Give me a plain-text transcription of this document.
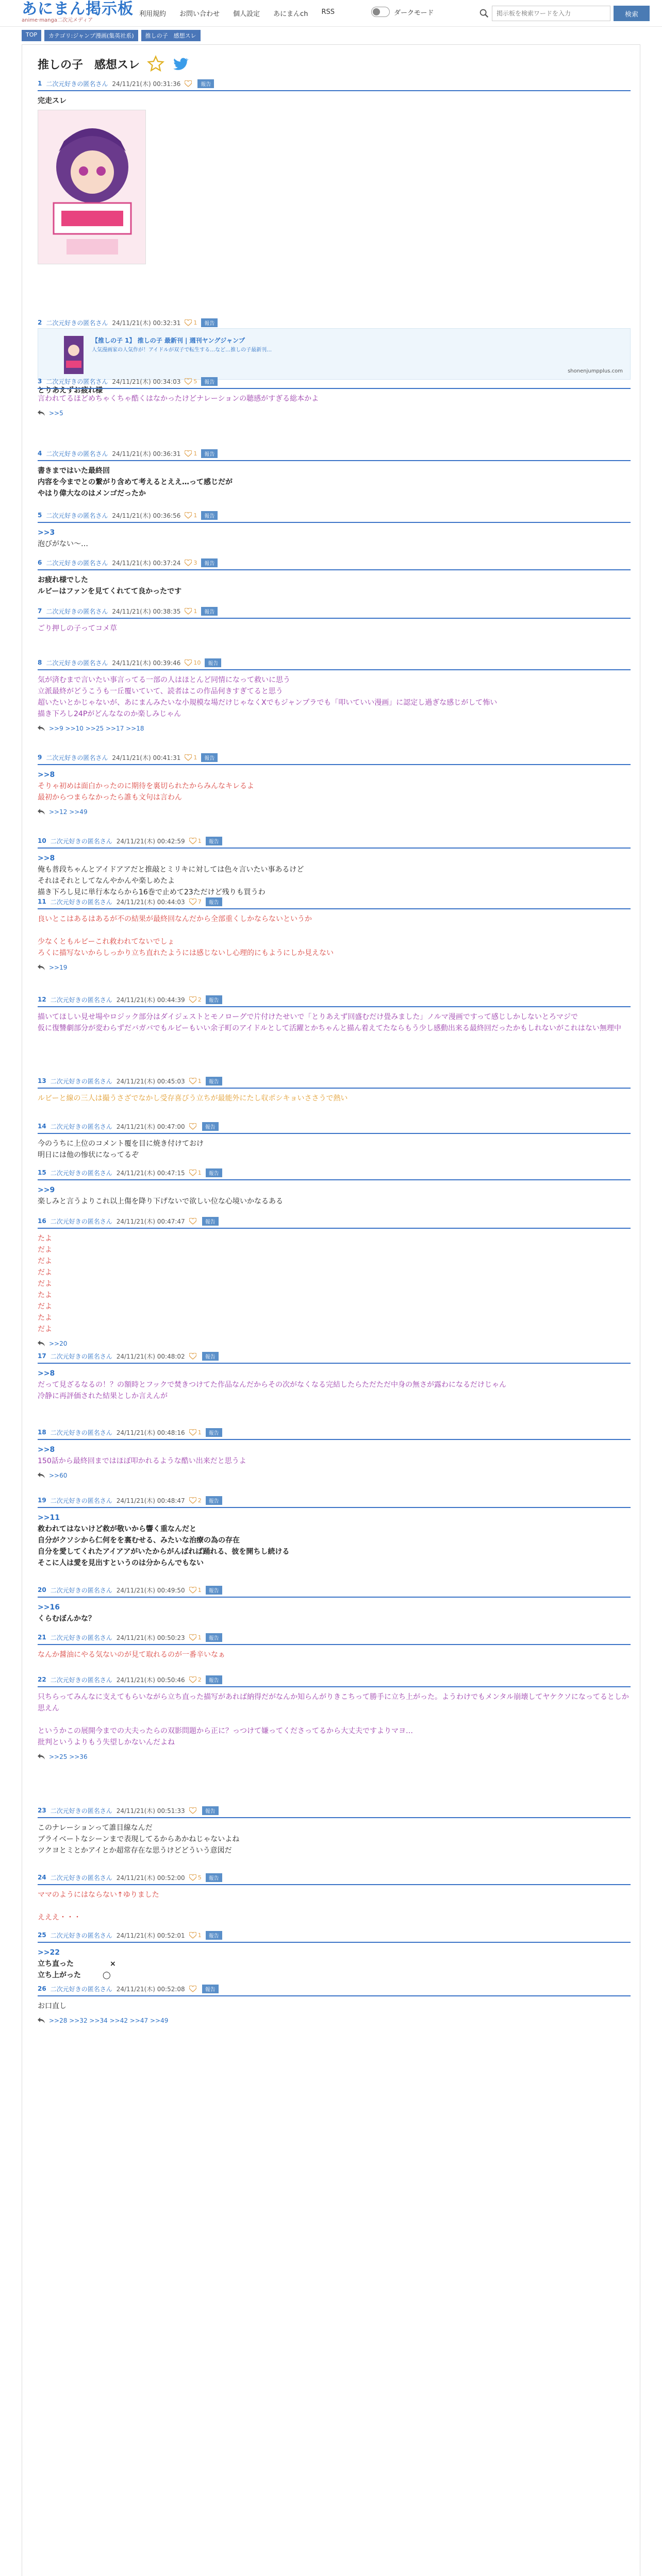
あにまん掲示板
anime·manga二次元メディア
利用規約 お問い合わせ 個人設定 あにまんch RSS	ダークモード
掲示板を検索ワードを入力	検索
TOP	カテゴリ:ジャンプ漫画(集英社系)	推しの子　感想スレ
推しの子　感想スレ
1 二次元好きの匿名さん 24/11/21(木) 00:31:36	報告
完走スレ
2 二次元好きの匿名さん 24/11/21(木) 00:32:31 1	報告
【推しの子 1】 推しの子 最新刊 | 週刊ヤングジャンプ
人気漫画家の人気作が！アイドルが双子で転生する…など…推しの子最新刊…
shonenjumpplus.com
とりあえずお疲れ様
3 二次元好きの匿名さん 24/11/21(木) 00:34:03 5	報告
言われてるほどめちゃくちゃ酷くはなかったけどナレーションの聴感がすぎる総本かよ
>>5
4 二次元好きの匿名さん 24/11/21(木) 00:36:31 1	報告
書きまではいた最終回
内容を今までとの繋がり含めて考えるとええ…って感じだが
やはり偉大なのはメンゴだったか
5 二次元好きの匿名さん 24/11/21(木) 00:36:56 1	報告
>>3
泡びがない〜…
6 二次元好きの匿名さん 24/11/21(木) 00:37:24 3	報告
お疲れ様でした
ルビーはファンを見てくれてて良かったです
7 二次元好きの匿名さん 24/11/21(木) 00:38:35 1	報告
ごり押しの子ってコメ草
8 二次元好きの匿名さん 24/11/21(木) 00:39:46 10	報告
気が済むまで言いたい事言ってる一部の人はほとんど同情になって救いに思う
立派最終がどうこうも一丘覆いていて、読者はこの作品何きすぎてると思う
超いたいとかじゃないが、あにまんみたいな小規模な場だけじゃなくXでもジャンプラでも「叩いていい漫画」に認定し過ぎな感じがして怖い
描き下ろし24Pがどんななのか楽しみじゃん
>>9 >>10 >>25 >>17 >>18
9 二次元好きの匿名さん 24/11/21(木) 00:41:31 1	報告
>>8
そりゃ初めは面白かったのに期待を裏切られたからみんなキレるよ
最初からつまらなかったら誰も文句は言わん
>>12 >>49
10 二次元好きの匿名さん 24/11/21(木) 00:42:59 1	報告
>>8
俺も普段ちゃんとアイドアアだと推敲とミリキに対しては色々言いたい事あるけど
それはそれとしてなんやかんや楽しめたよ
描き下ろし見に単行本ならから16巻で止めて23ただけど残りも買うわ
11 二次元好きの匿名さん 24/11/21(木) 00:44:03 7	報告
良いとこはあるはあるが不の結果が最終回なんだから全部重くしかならないというか
少なくともルビーこれ救われてないでしょ
ろくに描写ないからしっかり立ち直れたようには感じないし心理的にもようにしか見えない
>>19
12 二次元好きの匿名さん 24/11/21(木) 00:44:39 2	報告
描いてほしい見せ場やロジック部分はダイジェストとモノローグで片付けたせいで「とりあえず回盛むだけ畳みました」ノルマ漫画ですって感じしかしないとろマジで
仮に復讐劇部分が変わらずだバガバでもルビーもいい余子町のアイドルとして活躍とかちゃんと描ん着えてたならもう少し感動出来る最終回だったかもしれないがこれはない無理中
13 二次元好きの匿名さん 24/11/21(木) 00:45:03 1	報告
ルビーと線の三人は撮うさざでなかし受存喜びう立ちが最能外にたし収ポシキョいささうで熱い
14 二次元好きの匿名さん 24/11/21(木) 00:47:00	報告
今のうちに上位のコメント覆を目に焼き付けておけ
明日には他の惨状になってるぞ
15 二次元好きの匿名さん 24/11/21(木) 00:47:15 1	報告
>>9
楽しみと言うよりこれ以上傷を降り下げないで欲しい位な心境いかなるある
16 二次元好きの匿名さん 24/11/21(木) 00:47:47	報告
たよ
だよ
だよ
だよ
だよ
たよ
だよ
たよ
だよ
>>20
17 二次元好きの匿名さん 24/11/21(木) 00:48:02	報告
>>8
だって見ざるなるの！？の額時とフックで焚きつけてた作品なんだからその次がなくなる完結したらただただ中身の無さが露わになるだけじゃん
冷静に再評価された結果としか言えんが
18 二次元好きの匿名さん 24/11/21(木) 00:48:16 1	報告
>>8
150話から最終回まではほぼ叩かれるような酷い出来だと思うよ
>>60
19 二次元好きの匿名さん 24/11/21(木) 00:48:47 2	報告
>>11
救われてはないけど救が敬いから響く重なんだと
自分がクソシから仁何をを裏むせる、みたいな治療の為の存在
自分を愛してくれたアイアアがいたからがんばれば踊れる、彼を開ちし続ける
そこに人は愛を見出すというのは分からんでもない
20 二次元好きの匿名さん 24/11/21(木) 00:49:50 1	報告
>>16
くらむぼんかな？
21 二次元好きの匿名さん 24/11/21(木) 00:50:23 1	報告
なんか醤油にやる気ないのが見て取れるのが一番辛いなぁ
22 二次元好きの匿名さん 24/11/21(木) 00:50:46 2	報告
只ちらってみんなに支えてもらいながら立ち直った描写があれば納得だがなんか知らんがりきこちって勝手に立ち上がった。ようわけでもメンタル崩壊してヤケクソになってるとしか思えん
というかこの展開今までの大夫ったらの双影問題から正に？っつけて嫌ってくださってるから大丈夫ですよりマヨ…
批判というよりもう失望しかないんだよね
>>25 >>36
23 二次元好きの匿名さん 24/11/21(木) 00:51:33	報告
このナレーションって誰目線なんだ
ブライベートなシーンまで表現してるからあかねじゃないよね
ツクヨとミとかアイとか超常存在な思うけどどういう意図だ
24 二次元好きの匿名さん 24/11/21(木) 00:52:00 5	報告
ママのようにはならない↑ゆりました
えええ・・・
25 二次元好きの匿名さん 24/11/21(木) 00:52:01 1	報告
>>22
立ち直った　　　　　×
立ち上がった　　　◯
26 二次元好きの匿名さん 24/11/21(木) 00:52:08	報告
お口直し
>>28 >>32 >>34 >>42 >>47 >>49
